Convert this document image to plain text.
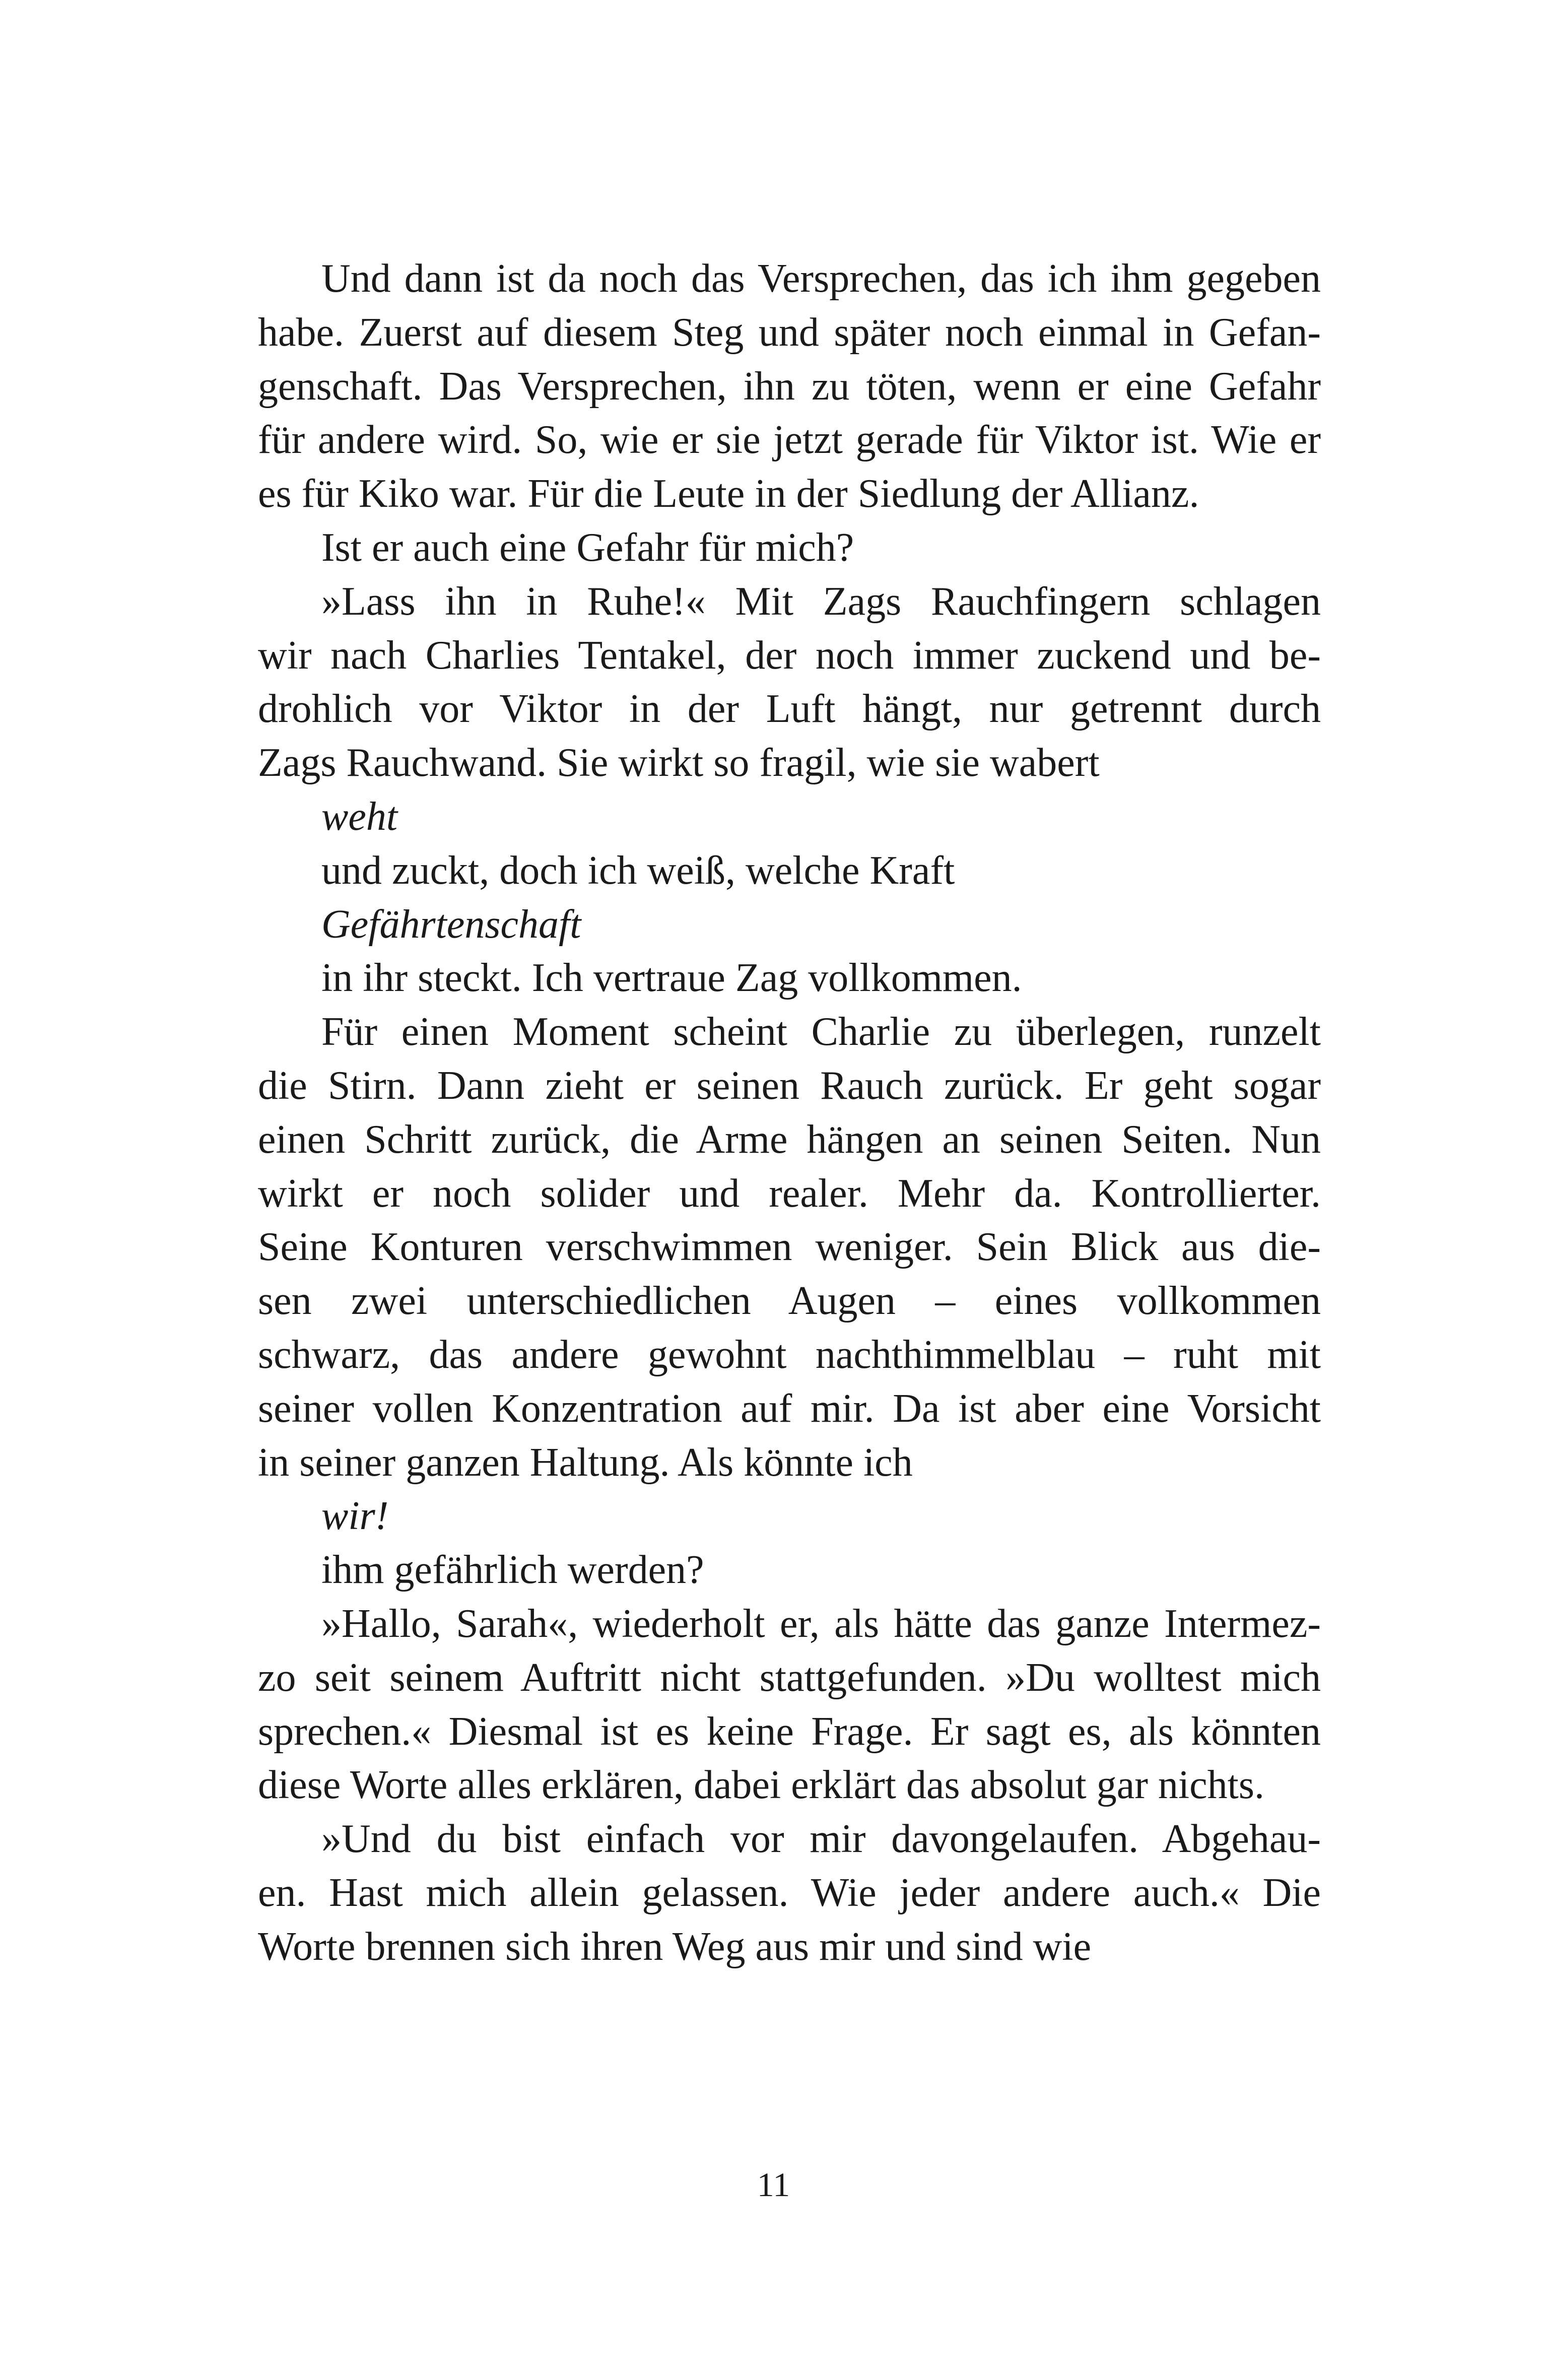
Und dann ist da noch das Versprechen, das ich ihm gegeben
habe. Zuerst auf diesem Steg und später noch einmal in Gefan-
genschaft. Das Versprechen, ihn zu töten, wenn er eine Gefahr
für andere wird. So, wie er sie jetzt gerade für Viktor ist. Wie er
es für Kiko war. Für die Leute in der Siedlung der Allianz.
Ist er auch eine Gefahr für mich?
»Lass ihn in Ruhe!« Mit Zags Rauchfingern schlagen
wir nach Charlies Tentakel, der noch immer zuckend und be-
drohlich vor Viktor in der Luft hängt, nur getrennt durch
Zags Rauchwand. Sie wirkt so fragil, wie sie wabert
weht
und zuckt, doch ich weiß, welche Kraft
Gefährtenschaft
in ihr steckt. Ich vertraue Zag vollkommen.
Für einen Moment scheint Charlie zu überlegen, runzelt
die Stirn. Dann zieht er seinen Rauch zurück. Er geht sogar
einen Schritt zurück, die Arme hängen an seinen Seiten. Nun
wirkt er noch solider und realer. Mehr da. Kontrollierter.
Seine Konturen verschwimmen weniger. Sein Blick aus die-
sen zwei unterschiedlichen Augen – eines vollkommen
schwarz, das andere gewohnt nachthimmelblau – ruht mit
seiner vollen Konzentration auf mir. Da ist aber eine Vorsicht
in seiner ganzen Haltung. Als könnte ich
wir!
ihm gefährlich werden?
»Hallo, Sarah«, wiederholt er, als hätte das ganze Intermez-
zo seit seinem Auftritt nicht stattgefunden. »Du wolltest mich
sprechen.« Diesmal ist es keine Frage. Er sagt es, als könnten
diese Worte alles erklären, dabei erklärt das absolut gar nichts.
»Und du bist einfach vor mir davongelaufen. Abgehau-
en. Hast mich allein gelassen. Wie jeder andere auch.« Die
Worte brennen sich ihren Weg aus mir und sind wie
11
